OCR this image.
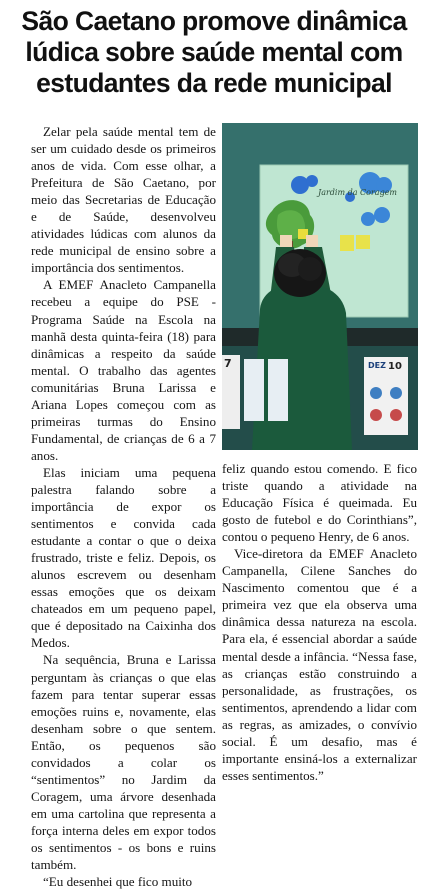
São Caetano promove dinâmica lúdica sobre saúde mental com estudantes da rede municipal

Zelar pela saúde mental tem de ser um cuidado desde os primeiros anos de vida. Com esse olhar, a Prefeitura de São Caetano, por meio das Secretarias de Educação e de Saúde, desenvolveu atividades lúdicas com alunos da rede municipal de ensino sobre a importância dos sentimentos.

A EMEF Anacleto Campanella recebeu a equipe do PSE - Programa Saúde na Escola na manhã desta quinta-feira (18) para dinâmicas a respeito da saúde mental. O trabalho das agentes comunitárias Bruna Larissa e Ariana Lopes começou com as primeiras turmas do Ensino Fundamental, de crianças de 6 a 7 anos.

Elas iniciam uma pequena palestra falando sobre a importância de expor os sentimentos e convida cada estudante a contar o que o deixa frustrado, triste e feliz. Depois, os alunos escrevem ou desenham essas emoções que os deixam chateados em um pequeno papel, que é depositado na Caixinha dos Medos.

Na sequência, Bruna e Larissa perguntam às crianças o que elas fazem para tentar superar essas emoções ruins e, novamente, elas desenham sobre o que sentem. Então, os pequenos são convidados a colar os “sentimentos” no Jardim da Coragem, uma árvore desenhada em uma cartolina que representa a força interna deles em expor todos os sentimentos - os bons e ruins também.

“Eu desenhei que fico muito

Jardim da Coragem
7	DEZ 10

feliz quando estou comendo. E fico triste quando a atividade na Educação Física é queimada. Eu gosto de futebol e do Corinthians”, contou o pequeno Henry, de 6 anos.

Vice-diretora da EMEF Anacleto Campanella, Cilene Sanches do Nascimento comentou que é a primeira vez que ela observa uma dinâmica dessa natureza na escola. Para ela, é essencial abordar a saúde mental desde a infância. “Nessa fase, as crianças estão construindo a personalidade, as frustrações, os sentimentos, aprendendo a lidar com as regras, as amizades, o convívio social. É um desafio, mas é importante ensiná-los a externalizar esses sentimentos.”
